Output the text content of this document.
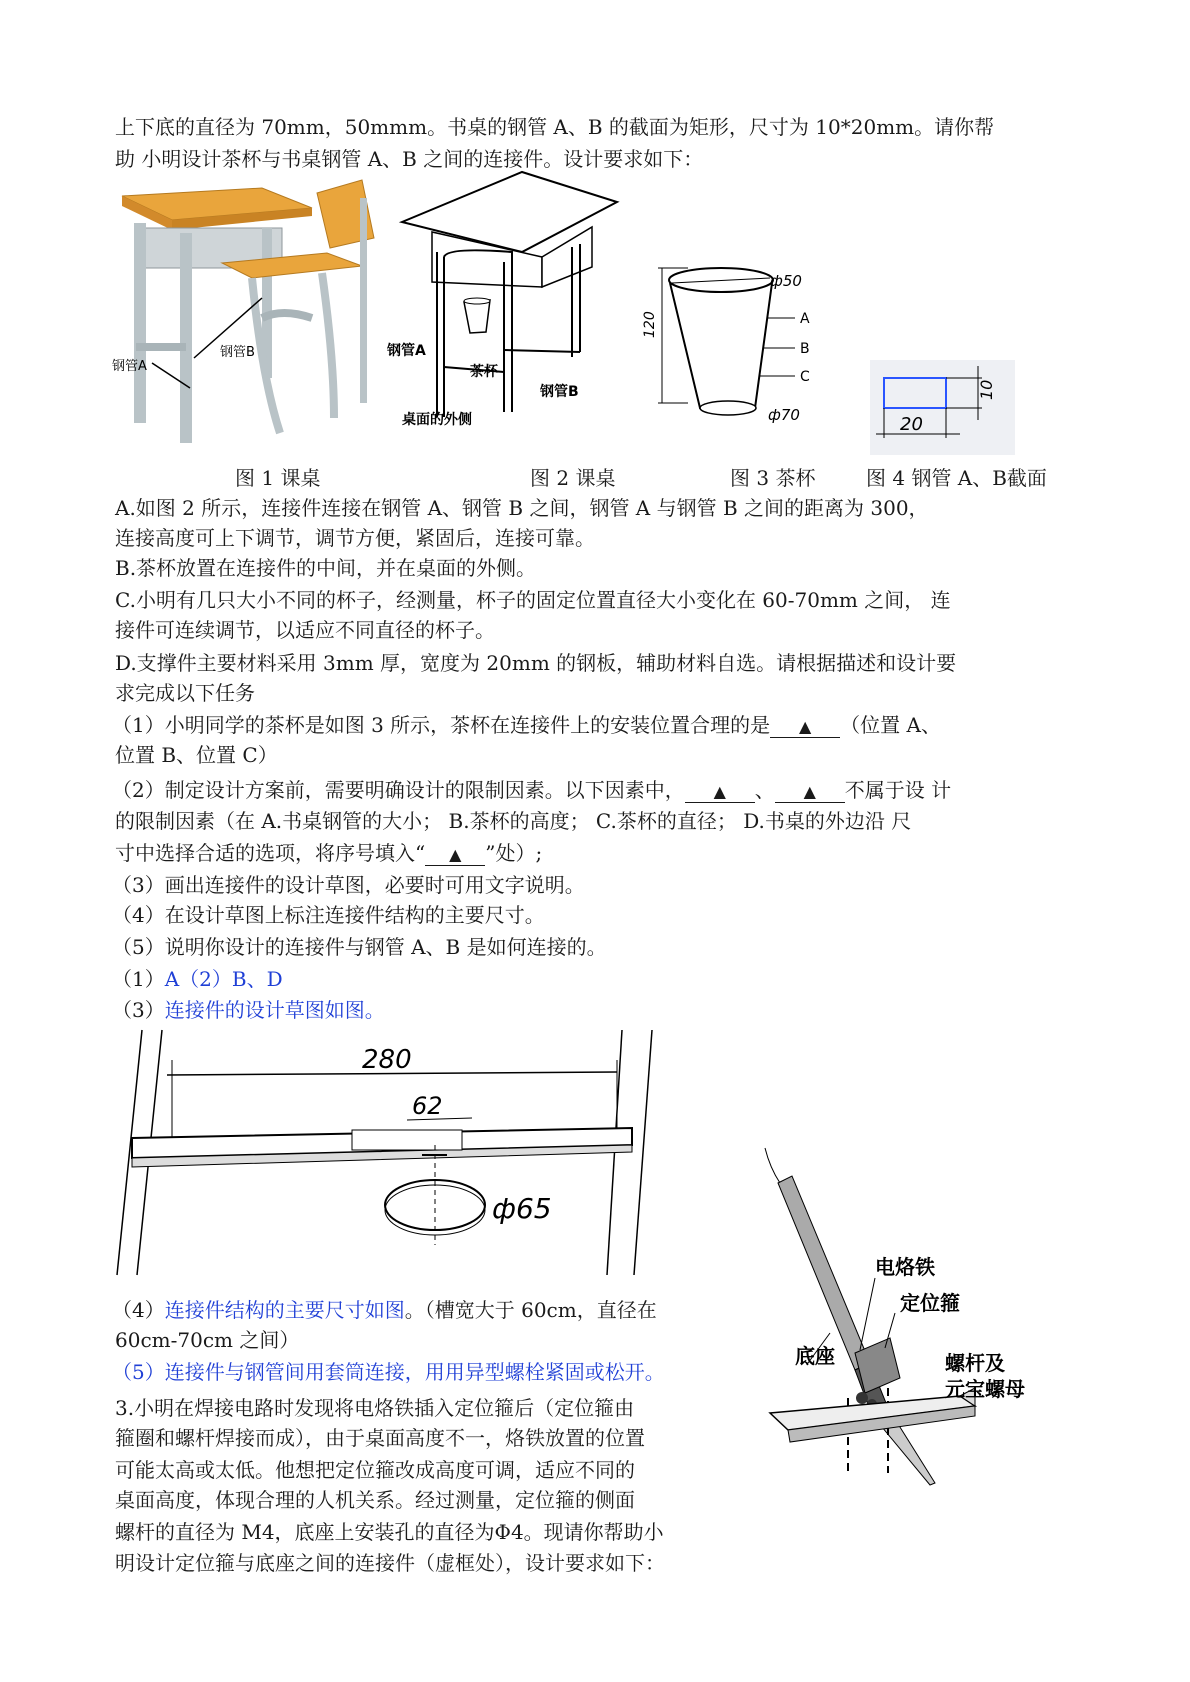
上下底的直径为 70mm，50mmm。书桌的钢管 A、B 的截面为矩形，尺寸为 10*20mm。请你帮
助 小明设计茶杯与书桌钢管 A、B 之间的连接件。设计要求如下：
钢管A
钢管B	钢管A
钢管B
茶杯
桌面的外侧
120
ф50
ф70
A
B
C
10
20
图 1 课桌	图 2 课桌	图 3 茶杯	图 4 钢管 A、B截面
A.如图 2 所示，连接件连接在钢管 A、钢管 B 之间，钢管 A 与钢管 B 之间的距离为 300，
连接高度可上下调节，调节方便，紧固后，连接可靠。
B.茶杯放置在连接件的中间，并在桌面的外侧。
C.小明有几只大小不同的杯子，经测量，杯子的固定位置直径大小变化在 60-70mm 之间， 连
接件可连续调节，以适应不同直径的杯子。
D.支撑件主要材料采用 3mm 厚，宽度为 20mm 的钢板，辅助材料自选。请根据描述和设计要
求完成以下任务
（1）小明同学的茶杯是如图 3 所示，茶杯在连接件上的安装位置合理的是 ▲ （位置 A、
位置 B、位置 C）
（2）制定设计方案前，需要明确设计的限制因素。以下因素中， ▲ 、 ▲ 不属于设 计
的限制因素（在 A.书桌钢管的大小； B.茶杯的高度； C.茶杯的直径； D.书桌的外边沿 尺
寸中选择合适的选项，将序号填入“ ▲ ”处）;
（3）画出连接件的设计草图，必要时可用文字说明。
（4）在设计草图上标注连接件结构的主要尺寸。
（5）说明你设计的连接件与钢管 A、B 是如何连接的。
（1）A（2）B、D
（3）连接件的设计草图如图。
280
62
ф65
（4）连接件结构的主要尺寸如图。（槽宽大于 60cm，直径在
60cm-70cm 之间）
（5）连接件与钢管间用套筒连接，用用异型螺栓紧固或松开。
3.小明在焊接电路时发现将电烙铁插入定位箍后（定位箍由
箍圈和螺杆焊接而成），由于桌面高度不一，烙铁放置的位置
可能太高或太低。他想把定位箍改成高度可调，适应不同的
桌面高度，体现合理的人机关系。经过测量，定位箍的侧面
螺杆的直径为 M4，底座上安装孔的直径为Φ4。现请你帮助小
明设计定位箍与底座之间的连接件（虚框处），设计要求如下：
电烙铁
定位箍
螺杆及
元宝螺母
底座
